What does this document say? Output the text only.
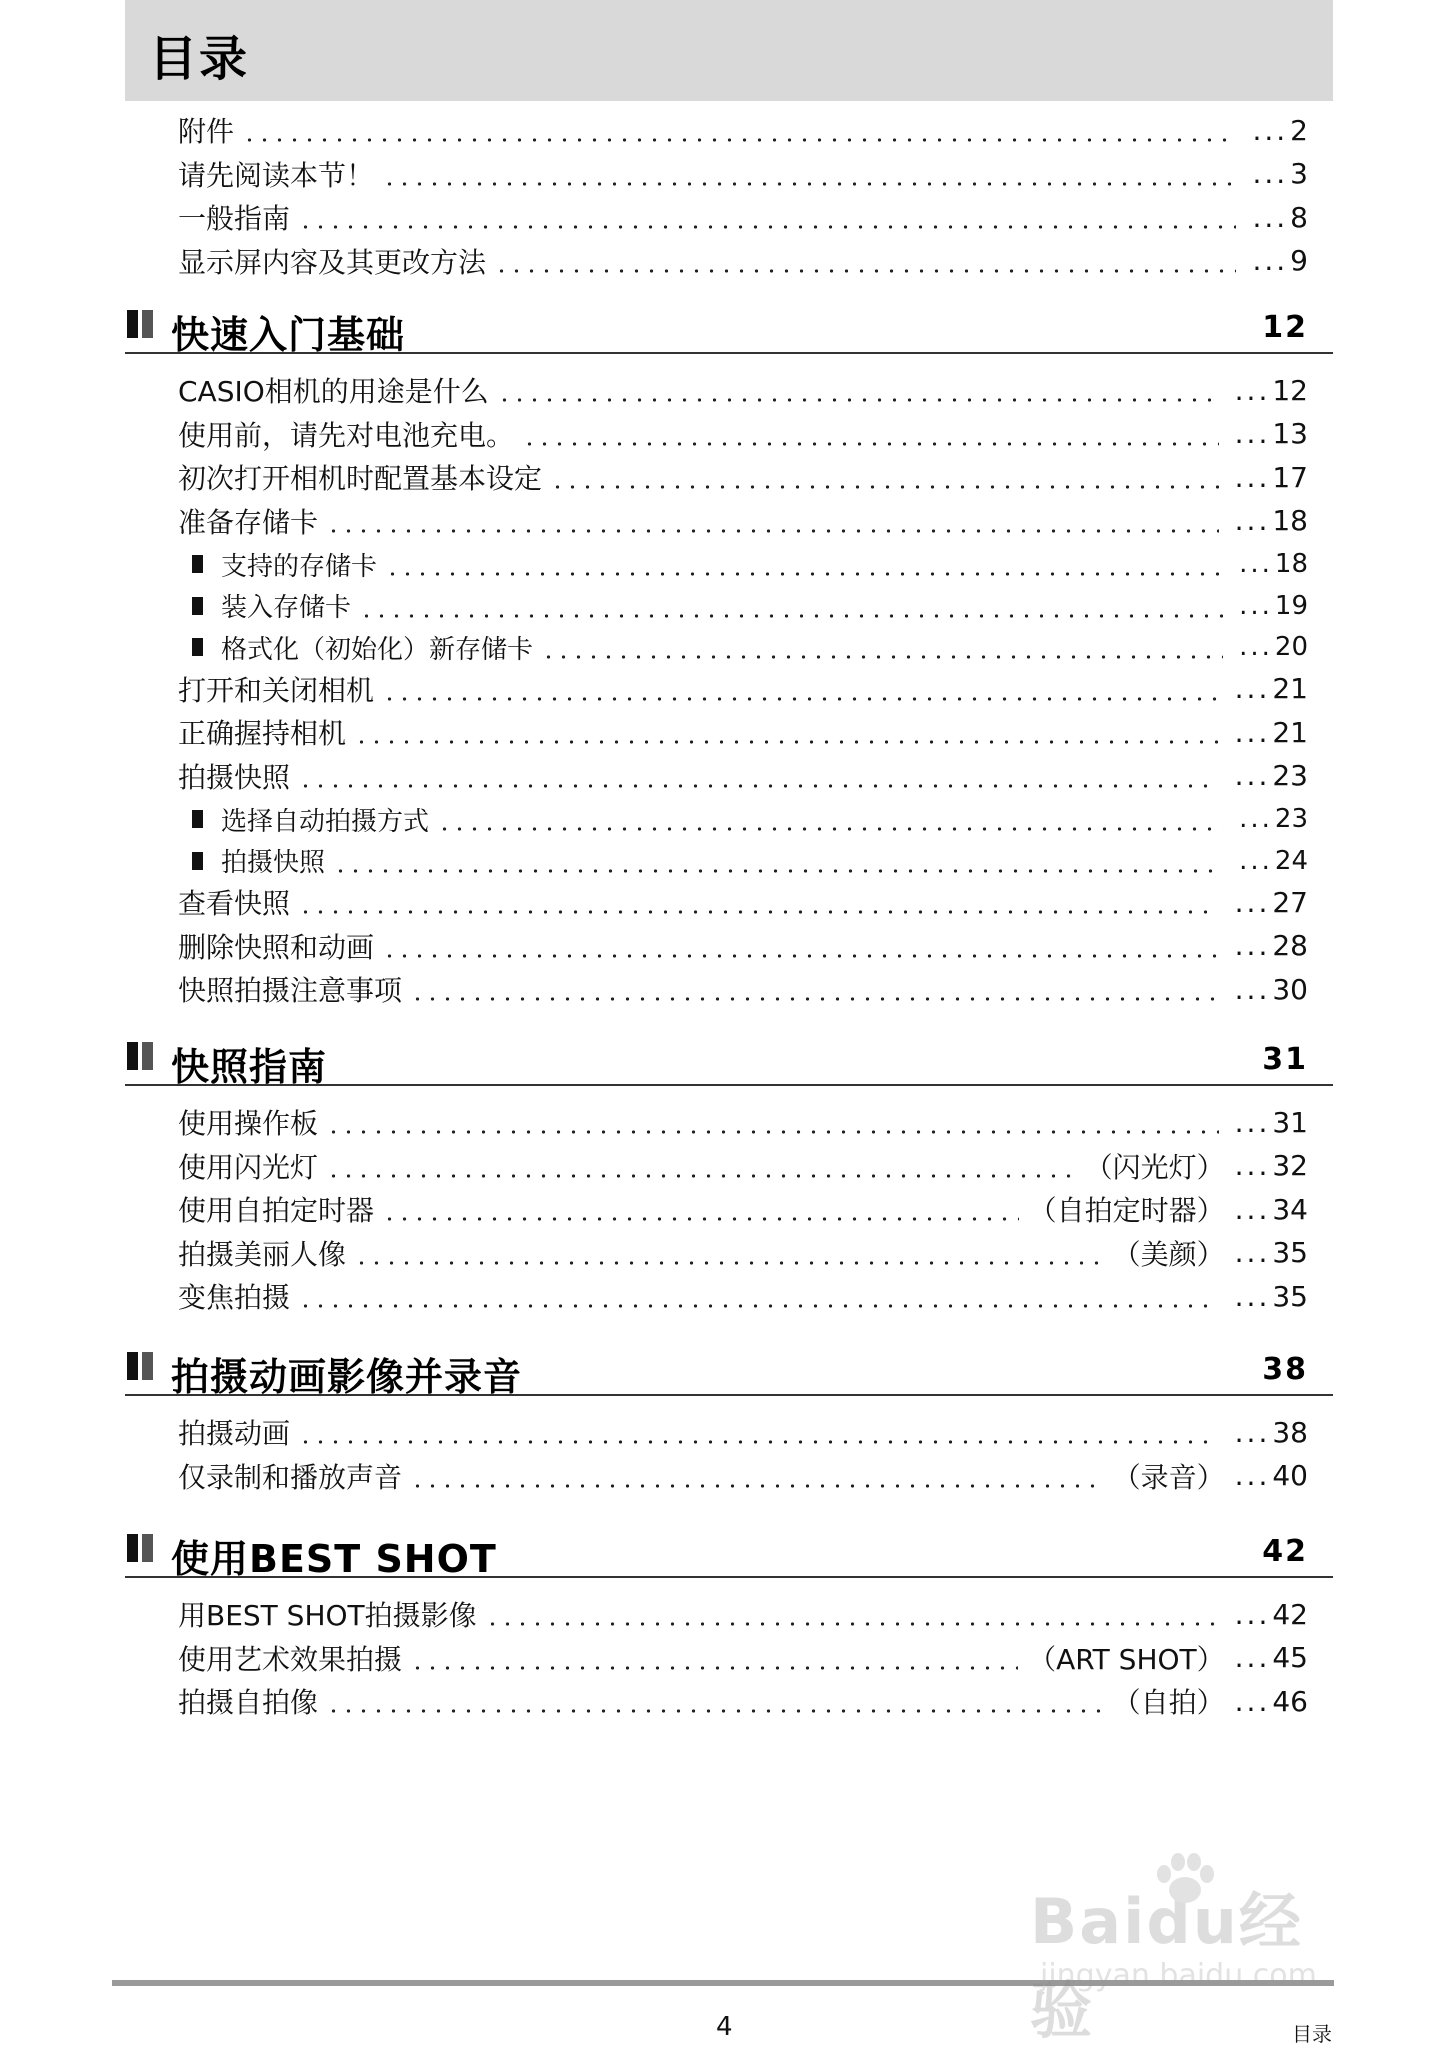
目录
附件	... 2
请先阅读本节！	... 3
一般指南	... 8
显示屏内容及其更改方法	... 9
快速入门基础	12
CASIO相机的用途是什么	... 12
使用前，请先对电池充电。	... 13
初次打开相机时配置基本设定	... 17
准备存储卡	... 18
支持的存储卡	... 18
装入存储卡	... 19
格式化（初始化）新存储卡	... 20
打开和关闭相机	... 21
正确握持相机	... 21
拍摄快照	... 23
选择自动拍摄方式	... 23
拍摄快照	... 24
查看快照	... 27
删除快照和动画	... 28
快照拍摄注意事项	... 30
快照指南	31
使用操作板	... 31
使用闪光灯	（闪光灯）	... 32
使用自拍定时器	（自拍定时器）	... 34
拍摄美丽人像	（美颜）	... 35
变焦拍摄	... 35
拍摄动画影像并录音	38
拍摄动画	... 38
仅录制和播放声音	（录音）	... 40
使用BEST SHOT	42
用BEST SHOT拍摄影像	... 42
使用艺术效果拍摄	（ART SHOT）	... 45
拍摄自拍像	（自拍）	... 46
4	目录
Baidu经验
jingyan.baidu.com
